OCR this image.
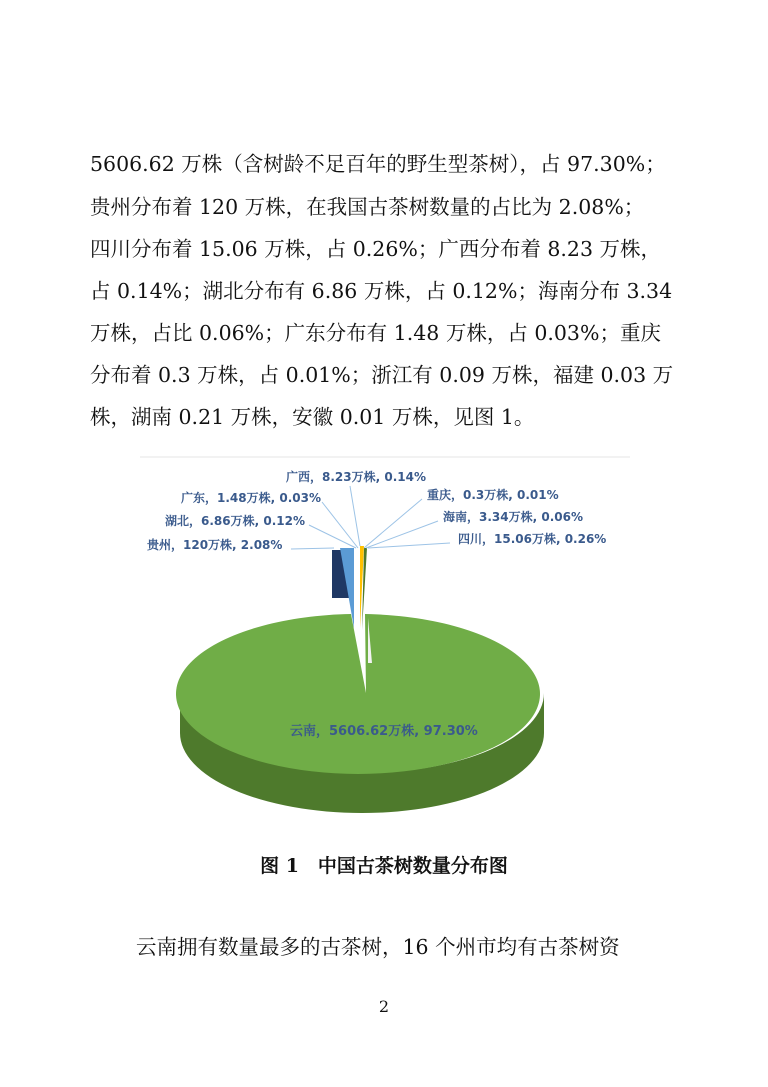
5606.62 万株（含树龄不足百年的野生型茶树），占 97.30%；
贵州分布着 120 万株，在我国古茶树数量的占比为 2.08%；
四川分布着 15.06 万株，占 0.26%；广西分布着 8.23 万株，
占 0.14%；湖北分布有 6.86 万株，占 0.12%；海南分布 3.34
万株，占比 0.06%；广东分布有 1.48 万株，占 0.03%；重庆
分布着 0.3 万株，占 0.01%；浙江有 0.09 万株，福建 0.03 万
株，湖南 0.21 万株，安徽 0.01 万株，见图 1。
云南，5606.62万株, 97.30%
贵州，120万株, 2.08%
湖北，6.86万株, 0.12%
广东，1.48万株, 0.03%
广西，8.23万株, 0.14%
重庆，0.3万株, 0.01%
海南，3.34万株, 0.06%
四川，15.06万株, 0.26%
图 1　中国古茶树数量分布图
云南拥有数量最多的古茶树，16 个州市均有古茶树资
2
